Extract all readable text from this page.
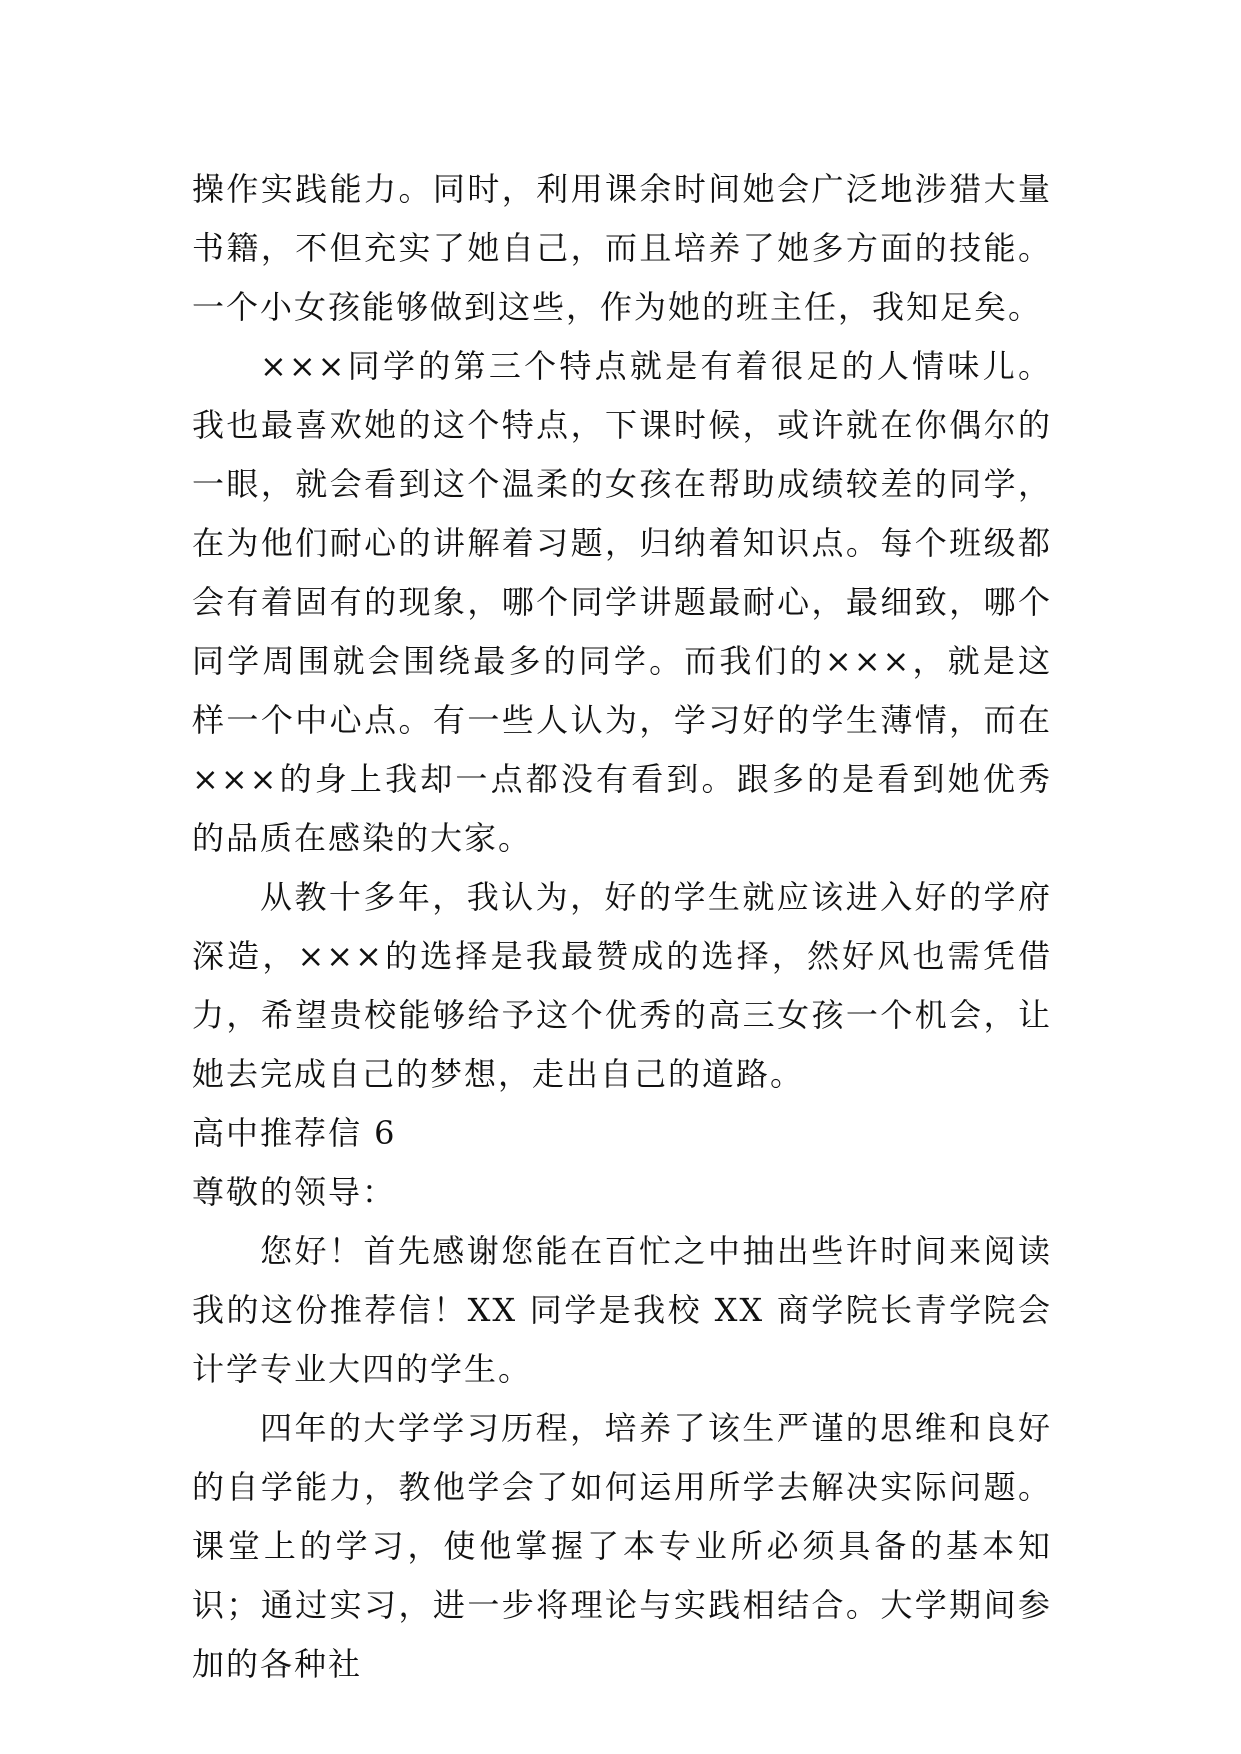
操作实践能力。同时，利用课余时间她会广泛地涉猎大量书籍，不但充实了她自己，而且培养了她多方面的技能。一个小女孩能够做到这些，作为她的班主任，我知足矣。

×××同学的第三个特点就是有着很足的人情味儿。我也最喜欢她的这个特点，下课时候，或许就在你偶尔的一眼，就会看到这个温柔的女孩在帮助成绩较差的同学，在为他们耐心的讲解着习题，归纳着知识点。每个班级都会有着固有的现象，哪个同学讲题最耐心，最细致，哪个同学周围就会围绕最多的同学。而我们的×××，就是这样一个中心点。有一些人认为，学习好的学生薄情，而在×××的身上我却一点都没有看到。跟多的是看到她优秀的品质在感染的大家。

从教十多年，我认为，好的学生就应该进入好的学府深造，×××的选择是我最赞成的选择，然好风也需凭借力，希望贵校能够给予这个优秀的高三女孩一个机会，让她去完成自己的梦想，走出自己的道路。

高中推荐信 6

尊敬的领导：

您好！首先感谢您能在百忙之中抽出些许时间来阅读我的这份推荐信！XX 同学是我校 XX 商学院长青学院会计学专业大四的学生。

四年的大学学习历程，培养了该生严谨的思维和良好的自学能力，教他学会了如何运用所学去解决实际问题。课堂上的学习，使他掌握了本专业所必须具备的基本知识；通过实习，进一步将理论与实践相结合。大学期间参加的各种社
